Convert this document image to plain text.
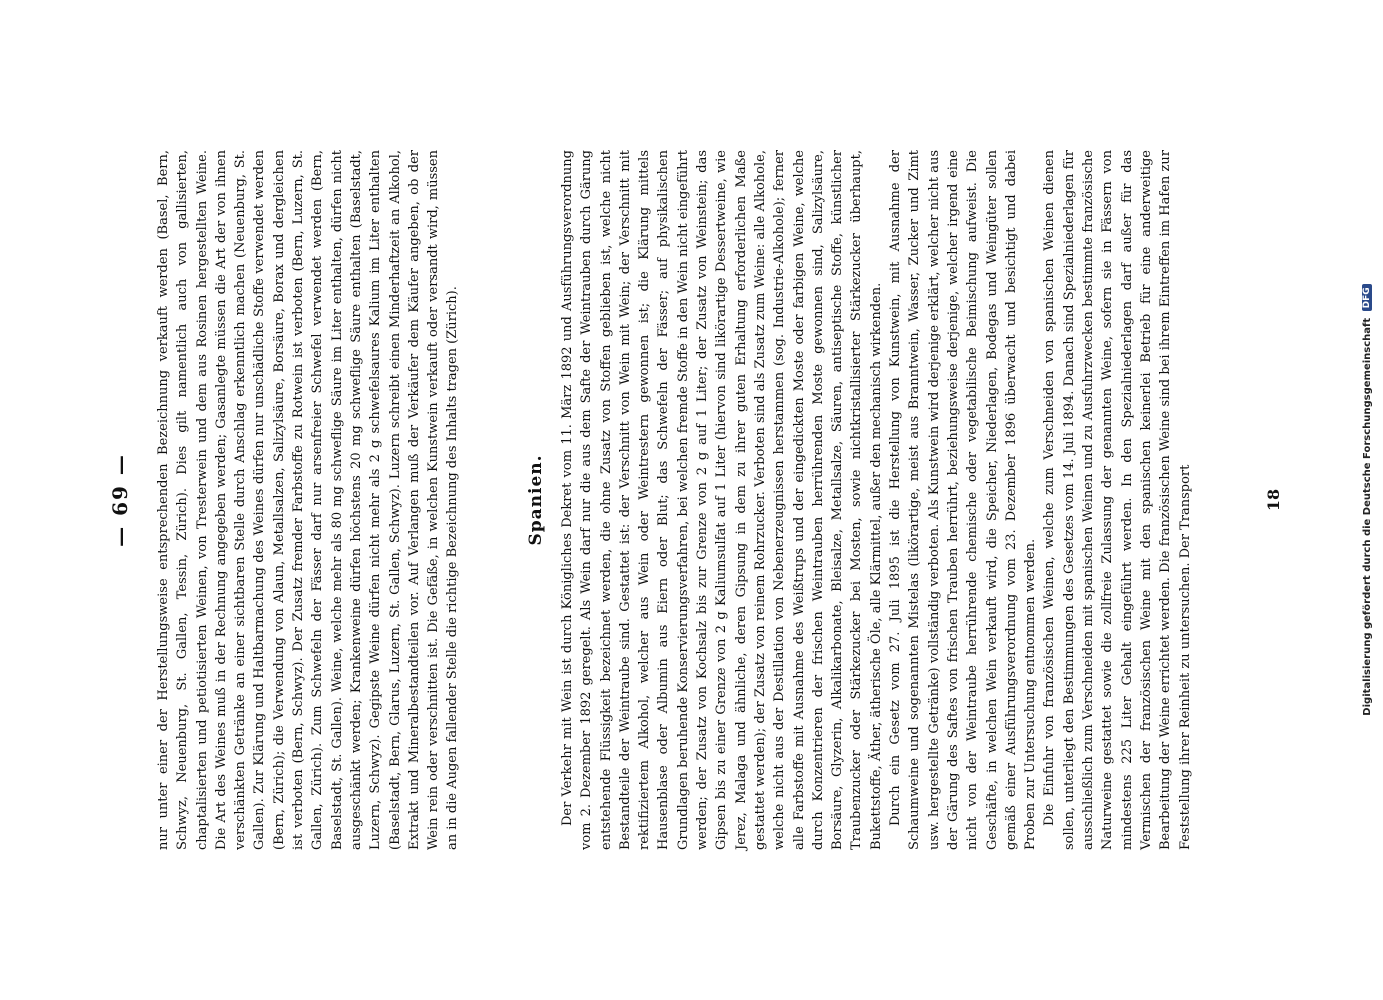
— 69 — nur unter einer der Herstellungsweise entsprechenden Bezeichnung verkauft werden (Basel, Bern, Schwyz, Neuenburg, St. Gallen, Tessin, Zürich). Dies gilt namentlich auch von gallisierten, chaptalisierten und petiotisierten Weinen, von Tresterwein und dem aus Rosinen hergestellten Weine. Die Art des Weines muß in der Rechnung angegeben werden; Gasanlegte müssen die Art der von ihnen verschänkten Getränke an einer sichtbaren Stelle durch Anschlag erkenntlich machen (Neuenburg, St. Gallen). Zur Klärung und Haltbarmachung des Weines dürfen nur unschädliche Stoffe verwendet werden (Bern, Zürich); die Verwendung von Alaun, Metallsalzen, Salizylsäure, Borsäure, Borax und dergleichen ist verboten (Bern, Schwyz). Der Zusatz fremder Farbstoffe zu Rotwein ist verboten (Bern, Luzern, St. Gallen, Zürich). Zum Schwefeln der Fässer darf nur arsenfreier Schwefel verwendet werden (Bern, Baselstadt, St. Gallen). Weine, welche mehr als 80 mg schweflige Säure im Liter enthalten, dürfen nicht ausgeschänkt werden; Krankenweine dürfen höchstens 20 mg schweflige Säure enthalten (Baselstadt, Luzern, Schwyz). Gegipste Weine dürfen nicht mehr als 2 g schwefelsaures Kalium im Liter enthalten (Baselstadt, Bern, Glarus, Luzern, St. Gallen, Schwyz). Luzern schreibt einen Minderhaftzeit an Alkohol, Extrakt und Mineralbestandteilen vor. Auf Verlangen muß der Verkäufer dem Käufer angeben, ob der Wein rein oder verschnitten ist. Die Gefäße, in welchen Kunstwein verkauft oder versandt wird, müssen an in die Augen fallender Stelle die richtige Bezeichnung des Inhalts tragen (Zürich).	Spanien. Der Verkehr mit Wein ist durch Königliches Dekret vom 11. März 1892 und Ausführungsverordnung vom 2. Dezember 1892 geregelt. Als Wein darf nur die aus dem Safte der Weintrauben durch Gärung entstehende Flüssigkeit bezeichnet werden, die ohne Zusatz von Stoffen geblieben ist, welche nicht Bestandteile der Weintraube sind. Gestattet ist: der Verschnitt von Wein mit Wein; der Verschnitt mit rektifiziertem Alkohol, welcher aus Wein oder Weintrestern gewonnen ist; die Klärung mittels Hausenblase oder Albumin aus Eiern oder Blut; das Schwefeln der Fässer; auf physikalischen Grundlagen beruhende Konservierungsverfahren, bei welchen fremde Stoffe in den Wein nicht eingeführt werden; der Zusatz von Kochsalz bis zur Grenze von 2 g auf 1 Liter; der Zusatz von Weinstein; das Gipsen bis zu einer Grenze von 2 g Kaliumsulfat auf 1 Liter (hiervon sind likörartige Dessertweine, wie Jerez, Malaga und ähnliche, deren Gipsung in dem zu ihrer guten Erhaltung erforderlichen Maße gestattet werden); der Zusatz von reinem Rohrzucker. Verboten sind als Zusatz zum Weine: alle Alkohole, welche nicht aus der Destillation von Nebenerzeugnissen herstammen (sog. Industrie-Alkohole); ferner alle Farbstoffe mit Ausnahme des Weißtrups und der eingedickten Moste oder farbigen Weine, welche durch Konzentrieren der frischen Weintrauben herrührenden Moste gewonnen sind, Salizylsäure, Borsäure, Glyzerin, Alkalikarbonate, Bleisalze, Metallsalze, Säuren, antiseptische Stoffe, künstlicher Traubenzucker oder Stärkezucker bei Mosten, sowie nichtkristallisierter Stärkezucker überhaupt, Bukettstoffe, Äther, ätherische Öle, alle Klärmittel, außer den mechanisch wirkenden. Durch ein Gesetz vom 27. Juli 1895 ist die Herstellung von Kunstwein, mit Ausnahme der Schaumweine und sogenannten Mistelas (likörartige, meist aus Branntwein, Wasser, Zucker und Zimt usw. hergestellte Getränke) vollständig verboten. Als Kunstwein wird derjenige erklärt, welcher nicht aus der Gärung des Saftes von frischen Trauben herrührt, beziehungsweise derjenige, welcher irgend eine nicht von der Weintraube herrührende chemische oder vegetabilische Beimischung aufweist. Die Geschäfte, in welchen Wein verkauft wird, die Speicher, Niederlagen, Bodegas und Weingüter sollen gemäß einer Ausführungsverordnung vom 23. Dezember 1896 überwacht und besichtigt und dabei Proben zur Untersuchung entnommen werden. Die Einfuhr von französischen Weinen, welche zum Verschneiden von spanischen Weinen dienen sollen, unterliegt den Bestimmungen des Gesetzes vom 14. Juli 1894. Danach sind Spezialniederlagen für ausschließlich zum Verschneiden mit spanischen Weinen und zu Ausfuhrzwecken bestimmte französische Naturweine gestattet sowie die zollfreie Zulassung der genannten Weine, sofern sie in Fässern von mindestens 225 Liter Gehalt eingeführt werden. In den Spezialniederlagen darf außer für das Vermischen der französischen Weine mit den spanischen keinerlei Betrieb für eine anderweitige Bearbeitung der Weine errichtet werden. Die französischen Weine sind bei ihrem Eintreffen im Hafen zur Feststellung ihrer Reinheit zu untersuchen. Der Transport	18	Digitalisierung gefördert durch die Deutsche Forschungsgemeinschaft DFG
